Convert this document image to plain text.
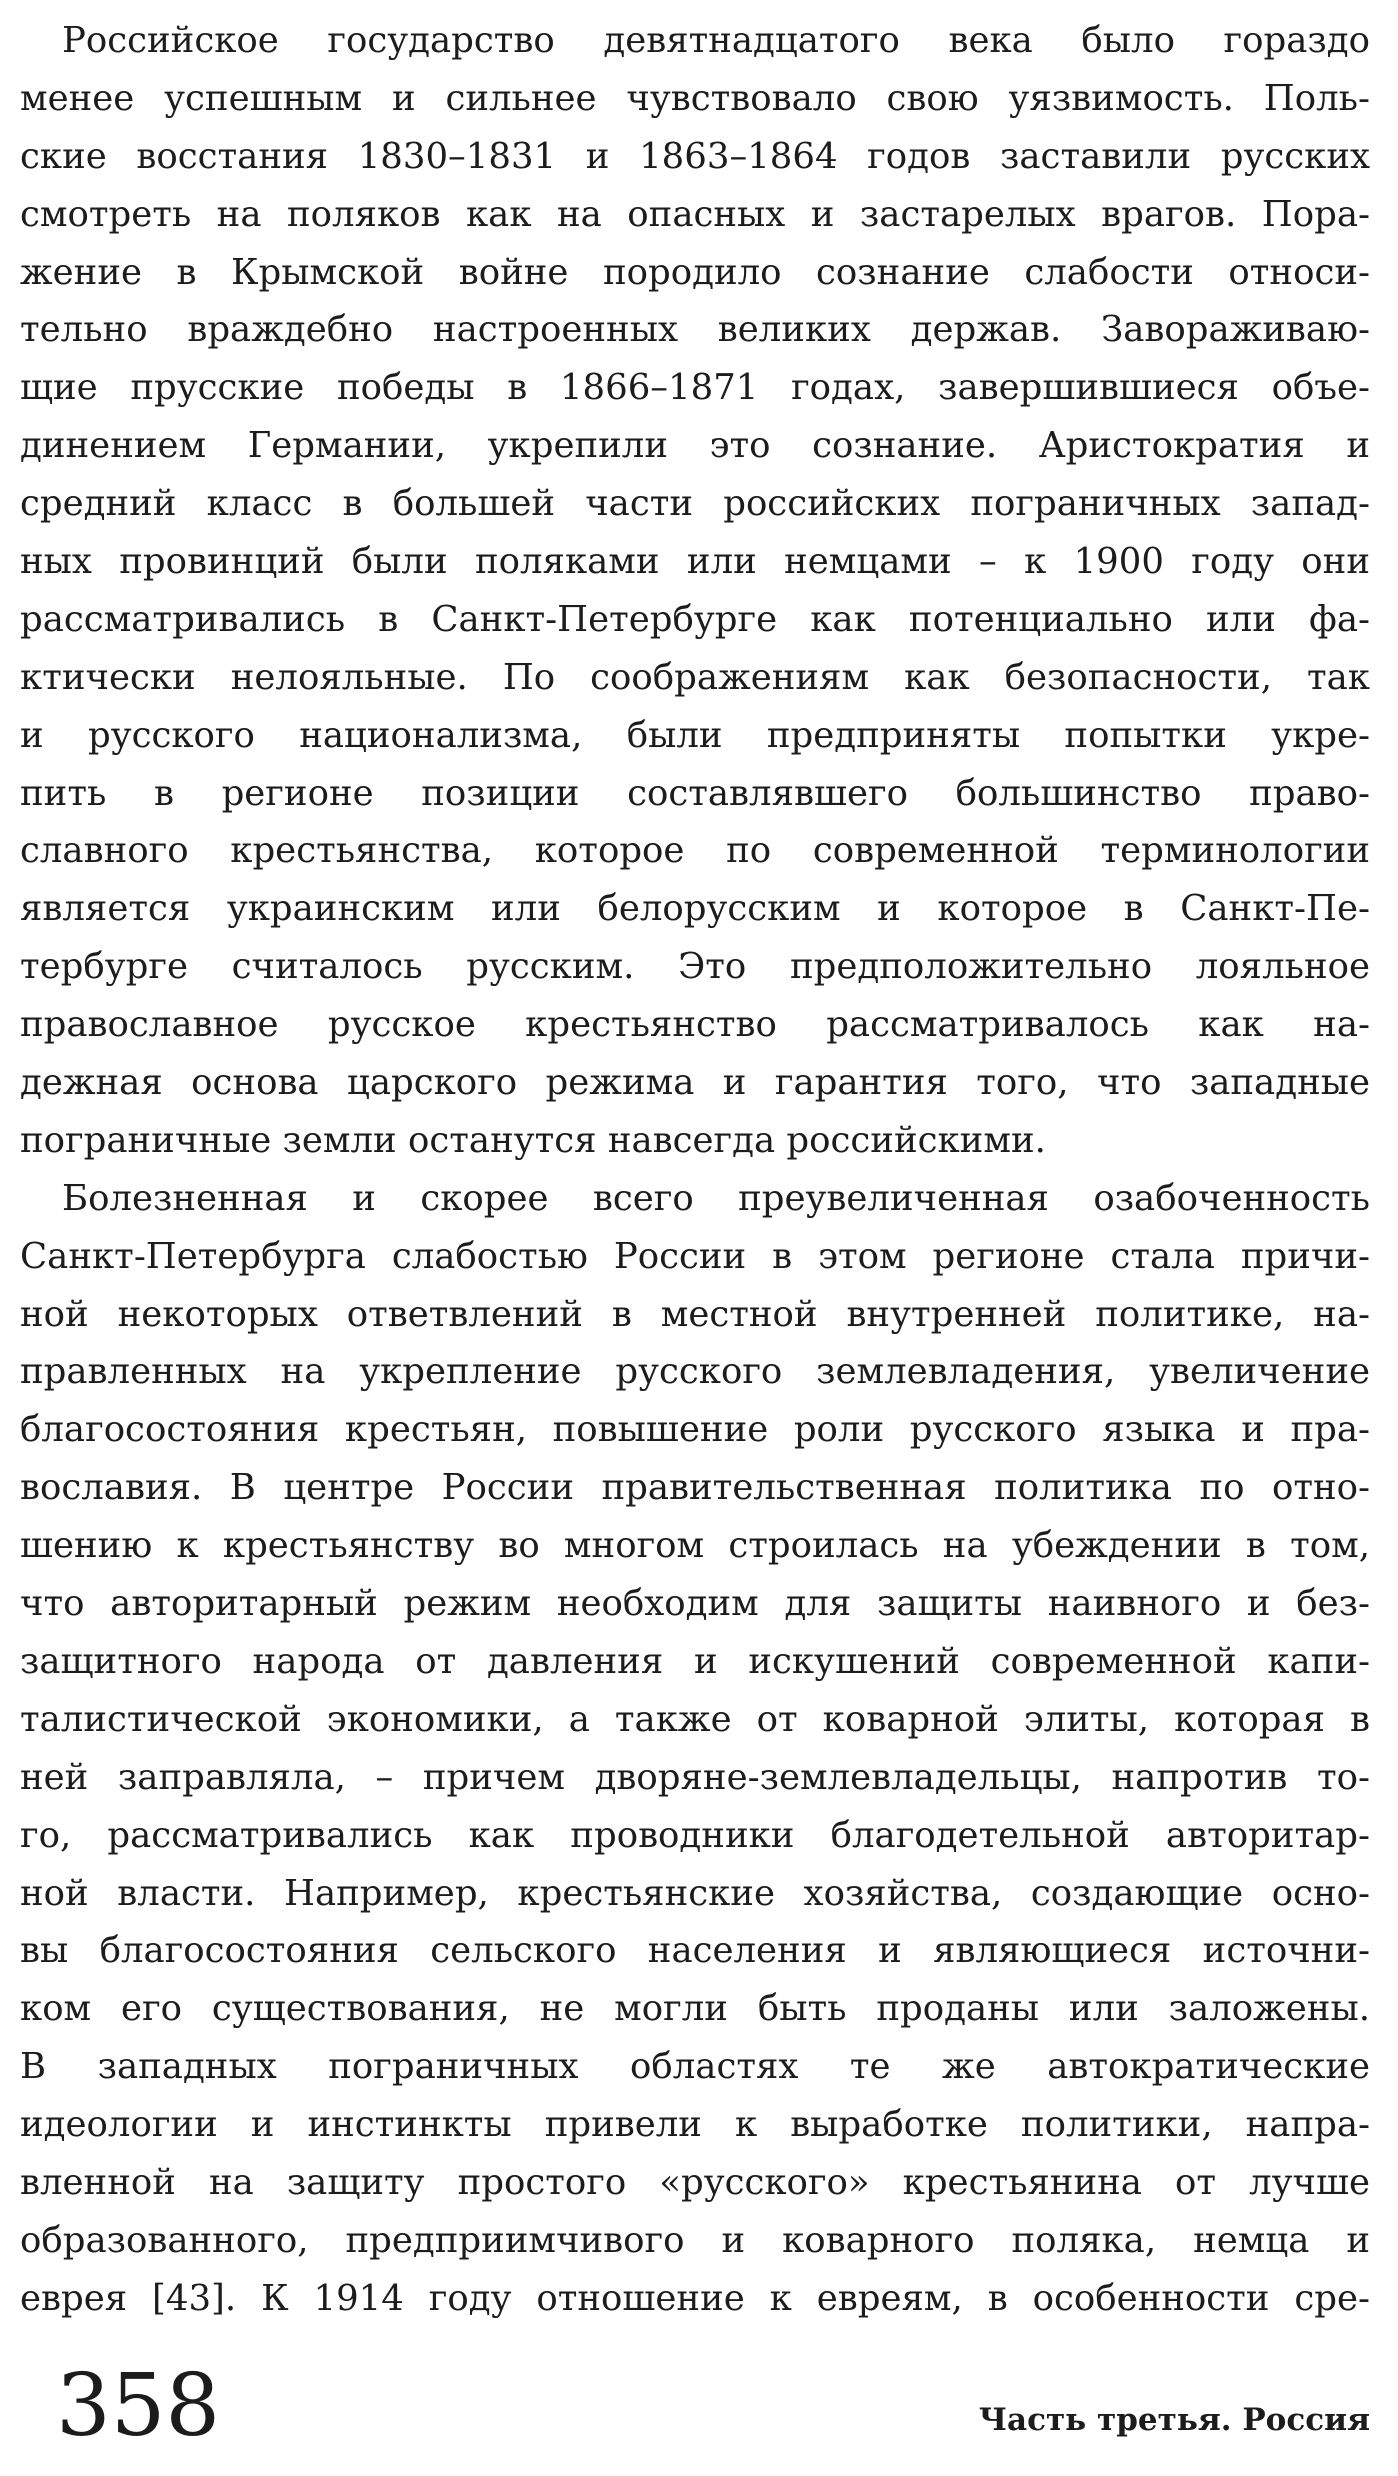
Российское государство девятнадцатого века было гораздо
менее успешным и сильнее чувствовало свою уязвимость. Поль-
ские восстания 1830–1831 и 1863–1864 годов заставили русских
смотреть на поляков как на опасных и застарелых врагов. Пора-
жение в Крымской войне породило сознание слабости относи-
тельно враждебно настроенных великих держав. Завораживаю-
щие прусские победы в 1866–1871 годах, завершившиеся объе-
динением Германии, укрепили это сознание. Аристократия и
средний класс в большей части российских пограничных запад-
ных провинций были поляками или немцами – к 1900 году они
рассматривались в Санкт-Петербурге как потенциально или фа-
ктически нелояльные. По соображениям как безопасности, так
и русского национализма, были предприняты попытки укре-
пить в регионе позиции составлявшего большинство право-
славного крестьянства, которое по современной терминологии
является украинским или белорусским и которое в Санкт-Пе-
тербурге считалось русским. Это предположительно лояльное
православное русское крестьянство рассматривалось как на-
дежная основа царского режима и гарантия того, что западные
пограничные земли останутся навсегда российскими.
Болезненная и скорее всего преувеличенная озабоченность
Санкт-Петербурга слабостью России в этом регионе стала причи-
ной некоторых ответвлений в местной внутренней политике, на-
правленных на укрепление русского землевладения, увеличение
благосостояния крестьян, повышение роли русского языка и пра-
вославия. В центре России правительственная политика по отно-
шению к крестьянству во многом строилась на убеждении в том,
что авторитарный режим необходим для защиты наивного и без-
защитного народа от давления и искушений современной капи-
талистической экономики, а также от коварной элиты, которая в
ней заправляла, – причем дворяне-землевладельцы, напротив то-
го, рассматривались как проводники благодетельной авторитар-
ной власти. Например, крестьянские хозяйства, создающие осно-
вы благосостояния сельского населения и являющиеся источни-
ком его существования, не могли быть проданы или заложены.
В западных пограничных областях те же автократические
идеологии и инстинкты привели к выработке политики, напра-
вленной на защиту простого «русского» крестьянина от лучше
образованного, предприимчивого и коварного поляка, немца и
еврея [43]. К 1914 году отношение к евреям, в особенности сре-
358	Часть третья. Россия
